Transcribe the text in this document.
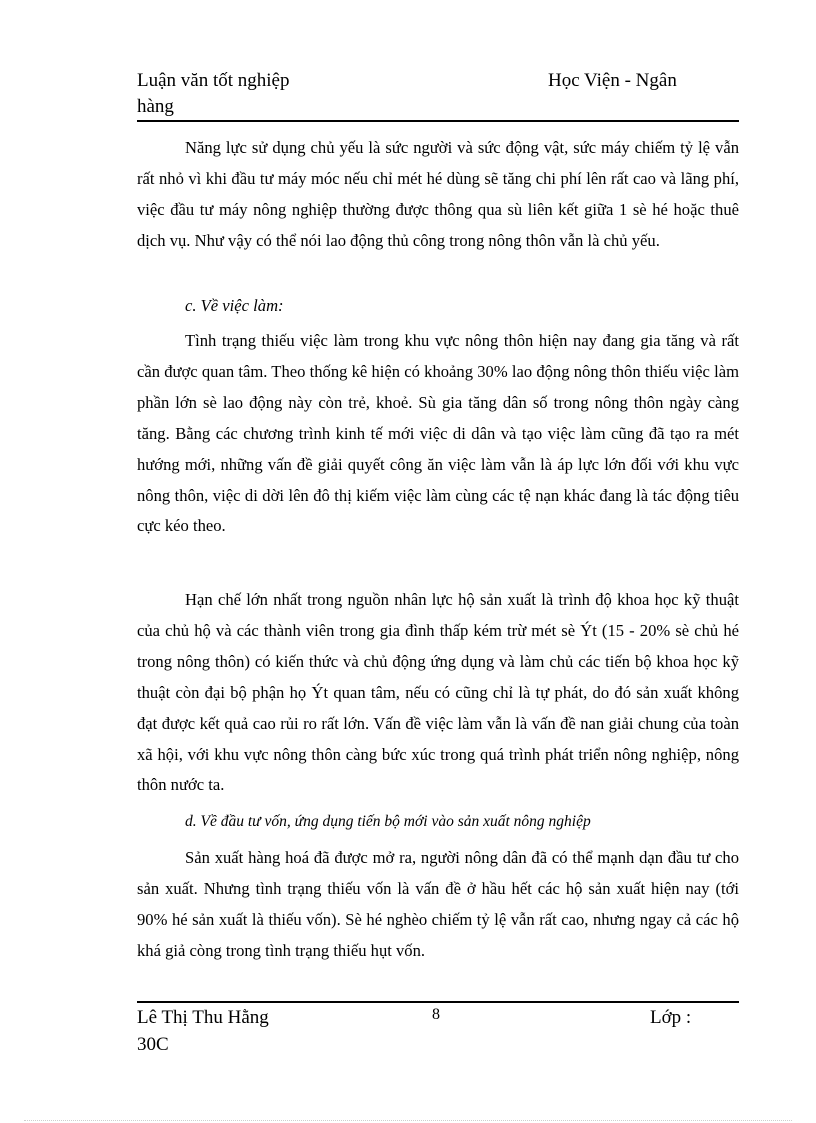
Luận văn tốt nghiệp	Học Viện - Ngân
hàng
Năng lực sử dụng chủ yếu là sức người và sức động vật, sức máy chiếm tỷ lệ vẫn rất nhỏ vì khi đầu tư máy móc nếu chỉ mét hé dùng sẽ tăng chi phí lên rất cao và lãng phí, việc đầu tư máy nông nghiệp thường được thông qua sù liên kết giữa 1 sè hé hoặc thuê dịch vụ. Như vậy có thể nói lao động thủ công trong nông thôn vẫn là chủ yếu.
c. Về việc làm:
Tình trạng thiếu việc làm trong khu vực nông thôn hiện nay đang gia tăng và rất cần được quan tâm. Theo thống kê hiện có khoảng 30% lao động nông thôn thiếu việc làm phần lớn sè lao động này còn trẻ, khoẻ. Sù gia tăng dân số trong nông thôn ngày càng tăng. Bằng các chương trình kinh tế mới việc di dân và tạo việc làm cũng đã tạo ra mét hướng mới, những vấn đề giải quyết công ăn việc làm vẫn là áp lực lớn đối với khu vực nông thôn, việc di dời lên đô thị kiếm việc làm cùng các tệ nạn khác đang là tác động tiêu cực kéo theo.
Hạn chế lớn nhất trong nguồn nhân lực hộ sản xuất là trình độ khoa học kỹ thuật của chủ hộ và các thành viên trong gia đình thấp kém trừ mét sè Ýt (15 - 20% sè chủ hé trong nông thôn) có kiến thức và chủ động ứng dụng và làm chủ các tiến bộ khoa học kỹ thuật còn đại bộ phận họ Ýt quan tâm, nếu có cũng chỉ là tự phát, do đó sản xuất không đạt được kết quả cao rủi ro rất lớn. Vấn đề việc làm vẫn là vấn đề nan giải chung của toàn xã hội, với khu vực nông thôn càng bức xúc trong quá trình phát triển nông nghiệp, nông thôn nước ta.
d. Về đầu tư vốn, ứng dụng tiến bộ mới vào sản xuất nông nghiệp
Sản xuất hàng hoá đã được mở ra, người nông dân đã có thể mạnh dạn đầu tư cho sản xuất. Nhưng tình trạng thiếu vốn là vấn đề ở hầu hết các hộ sản xuất hiện nay (tới 90% hé sản xuất là thiếu vốn). Sè hé nghèo chiếm tỷ lệ vẫn rất cao, nhưng ngay cả các hộ khá giả còng trong tình trạng thiếu hụt vốn.
Lê Thị Thu Hằng	8	Lớp :
30C
